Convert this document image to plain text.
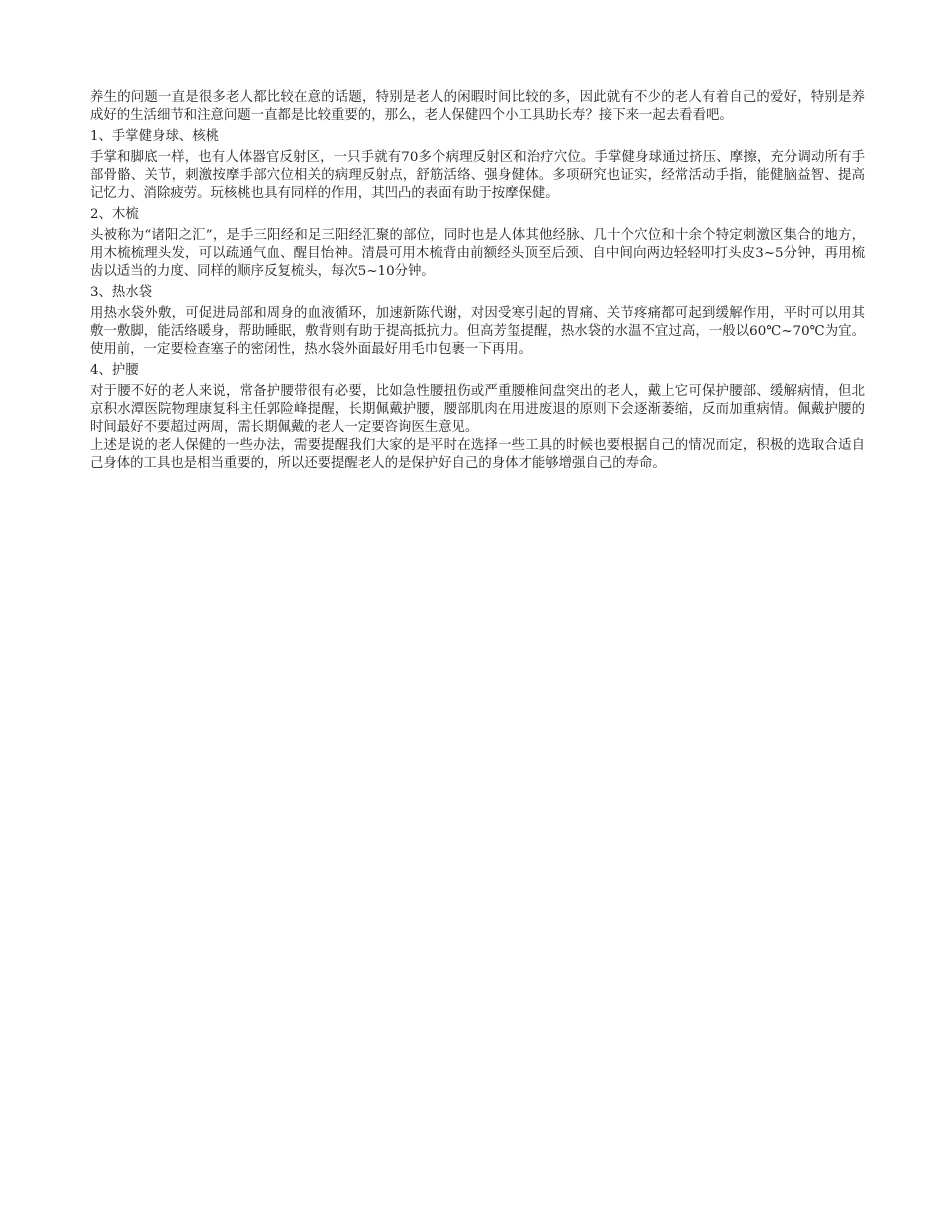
养生的问题一直是很多老人都比较在意的话题，特别是老人的闲暇时间比较的多，因此就有不少的老人有着自己的爱好，特别是养成好的生活细节和注意问题一直都是比较重要的，那么，老人保健四个小工具助长寿？接下来一起去看看吧。

1、手掌健身球、核桃

手掌和脚底一样，也有人体器官反射区，一只手就有70多个病理反射区和治疗穴位。手掌健身球通过挤压、摩擦，充分调动所有手部骨骼、关节，刺激按摩手部穴位相关的病理反射点，舒筋活络、强身健体。多项研究也证实，经常活动手指，能健脑益智、提高记忆力、消除疲劳。玩核桃也具有同样的作用，其凹凸的表面有助于按摩保健。

2、木梳

头被称为“诸阳之汇”，是手三阳经和足三阳经汇聚的部位，同时也是人体其他经脉、几十个穴位和十余个特定刺激区集合的地方，用木梳梳理头发，可以疏通气血、醒目怡神。清晨可用木梳背由前额经头顶至后颈、自中间向两边轻轻叩打头皮3~5分钟，再用梳齿以适当的力度、同样的顺序反复梳头，每次5~10分钟。

3、热水袋

用热水袋外敷，可促进局部和周身的血液循环，加速新陈代谢，对因受寒引起的胃痛、关节疼痛都可起到缓解作用，平时可以用其敷一敷脚，能活络暖身，帮助睡眠，敷背则有助于提高抵抗力。但高芳玺提醒，热水袋的水温不宜过高，一般以60℃~70℃为宜。使用前，一定要检查塞子的密闭性，热水袋外面最好用毛巾包裹一下再用。

4、护腰

对于腰不好的老人来说，常备护腰带很有必要，比如急性腰扭伤或严重腰椎间盘突出的老人，戴上它可保护腰部、缓解病情，但北京积水潭医院物理康复科主任郭险峰提醒，长期佩戴护腰，腰部肌肉在用进废退的原则下会逐渐萎缩，反而加重病情。佩戴护腰的时间最好不要超过两周，需长期佩戴的老人一定要咨询医生意见。

上述是说的老人保健的一些办法，需要提醒我们大家的是平时在选择一些工具的时候也要根据自己的情况而定，积极的选取合适自己身体的工具也是相当重要的，所以还要提醒老人的是保护好自己的身体才能够增强自己的寿命。
